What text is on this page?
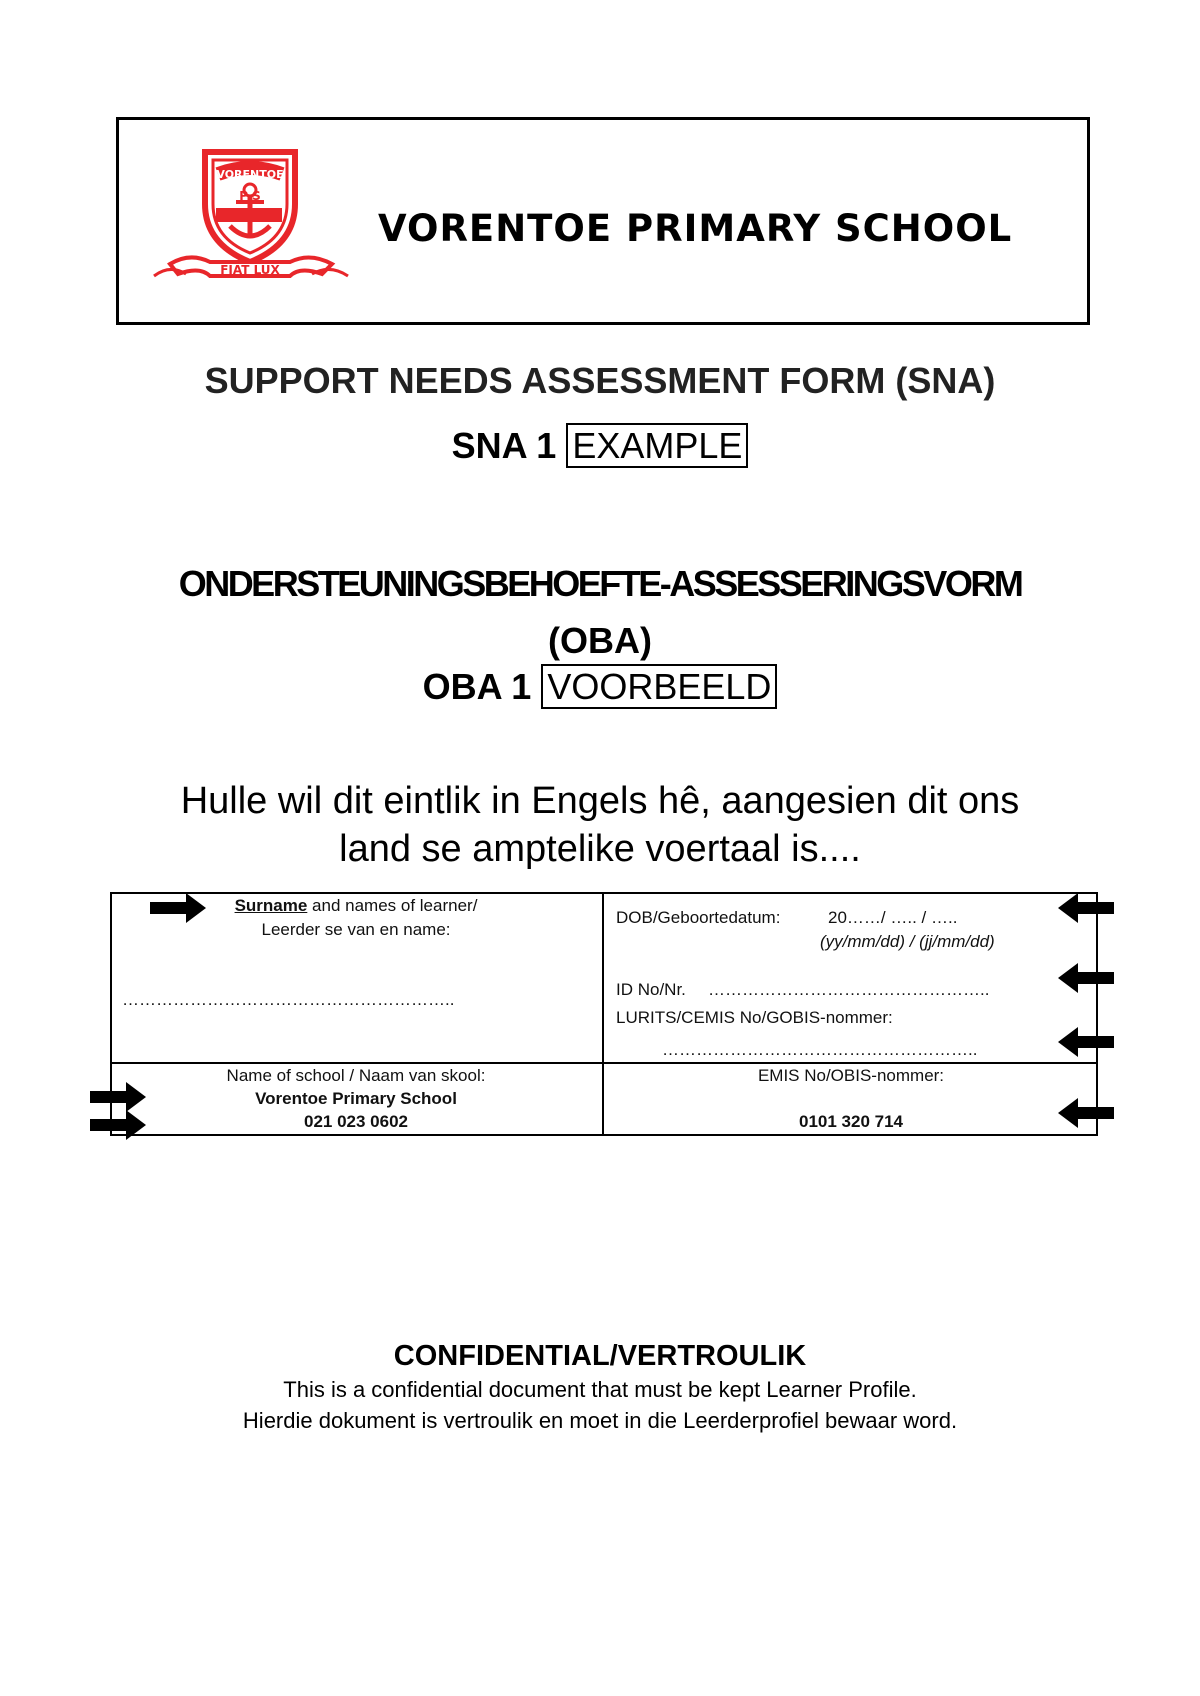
VORENTOE
P S
FIAT LUX
VORENTOE PRIMARY SCHOOL
SUPPORT NEEDS ASSESSMENT FORM (SNA)
SNA 1 EXAMPLE
ONDERSTEUNINGSBEHOEFTE-ASSESSERINGSVORM
(OBA)
OBA 1 VOORBEELD
Hulle wil dit eintlik in Engels hê, aangesien dit ons
land se amptelike voertaal is....
Surname and names of learner/
Leerder se van en name:
…………………………………………………..
DOB/Geboortedatum:	20……/ ….. / …..
(yy/mm/dd) / (jj/mm/dd)
ID No/Nr. …………………………………………..
LURITS/CEMIS No/GOBIS-nommer:
………………………………………………..
Name of school / Naam van skool:
Vorentoe Primary School
021 023 0602
EMIS No/OBIS-nommer:
0101 320 714
CONFIDENTIAL/VERTROULIK
This is a confidential document that must be kept Learner Profile.
Hierdie dokument is vertroulik en moet in die Leerderprofiel bewaar word.
